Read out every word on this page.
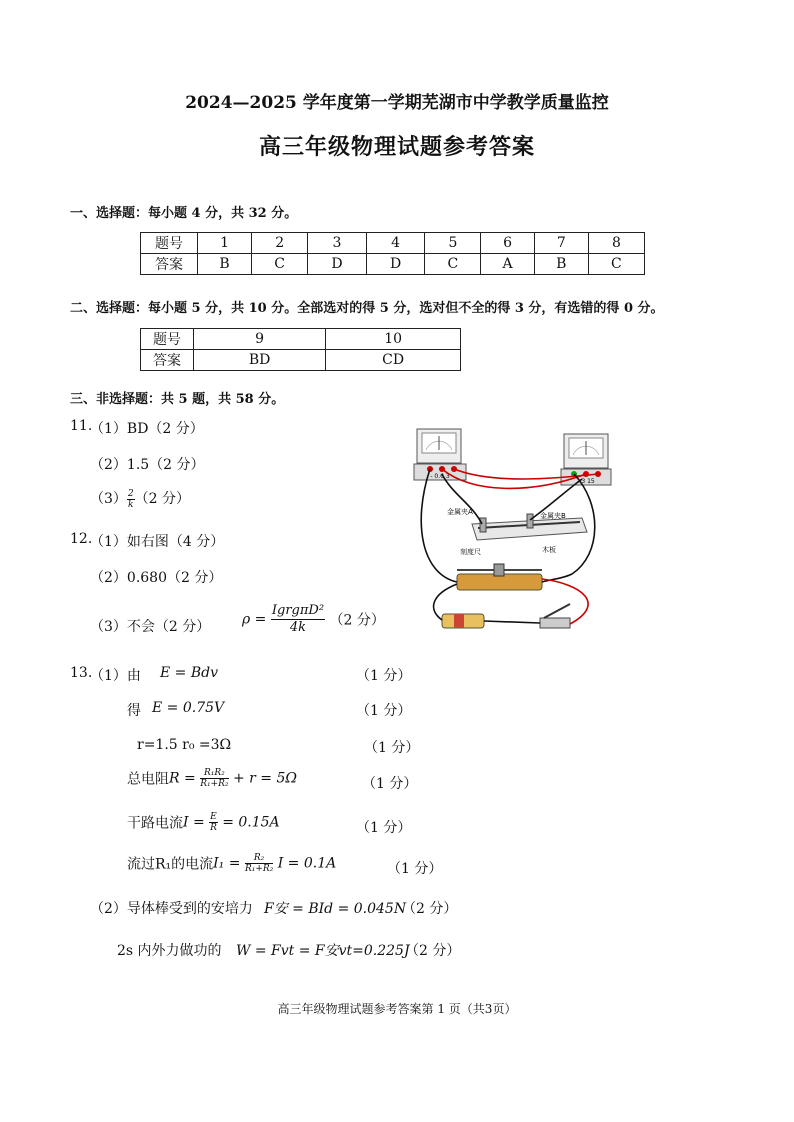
2024—2025 学年度第一学期芜湖市中学教学质量监控
高三年级物理试题参考答案
一、选择题：每小题 4 分，共 32 分。
题号	1	2	3	4	5	6	7	8
答案	B	C	D	D	C	A	B	C
二、选择题：每小题 5 分，共 10 分。全部选对的得 5 分，选对但不全的得 3 分，有选错的得 0 分。
题号	9	10
答案	BD	CD
三、非选择题：共 5 题，共 58 分。
11.
（1）BD（2 分）
（2）1.5（2 分）
$(3) \frac{2}{k} (2$ 分）
12.
（1）如右图（4 分）
（2）0.680（2 分）
（3）不会（2 分） $\rho = \frac{\text{IgrgπD²}}{4k} (2$ 分）
- 0.6 3
- 3 15
金属夹A	金属夹B
刻度尺	木板
13.
（1）由 E = Bdv	（1 分）
得 E = 0.75V	（1 分）
r=1.5 r₀ =3Ω	（1 分）
总电阻$R = \frac{\text{R₁R₂}}{\text{R₁+R₂}} + r = 5\Omega$	（1 分）
干路电流$I = \frac{E}{R} = 0.15A$	（1 分）
流过R₁的电流$I_1 = \frac{\text{R₂}}{\text{R₁+R₂}}$ I = 0.1A	（1 分）
（2）导体棒受到的安培力 F安 = BId = 0.045N
（2 分）
2s 内外力做功的 W = Fvt = F安vt=0.225J
（2 分）
高三年级物理试题参考答案第 1 页（共3页）
